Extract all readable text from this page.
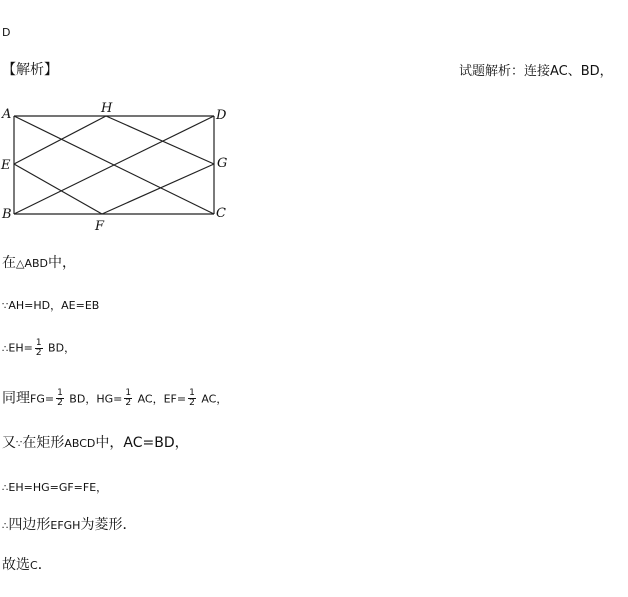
D
【解析】	试题解析：连接AC、BD，
A	H	D
E	G
B	C
F
在△ABD中，
∵AH=HD，AE=EB
∴EH= $\frac{1}{2}$ BD，
同理$FG= \frac{1}{2}$ BD，$HG= \frac{1}{2}$ AC，$EF= \frac{1}{2}$ AC，
又∵在矩形ABCD中，AC=BD，
∴EH=HG=GF=FE，
∴四边形EFGH为菱形．
故选C．
